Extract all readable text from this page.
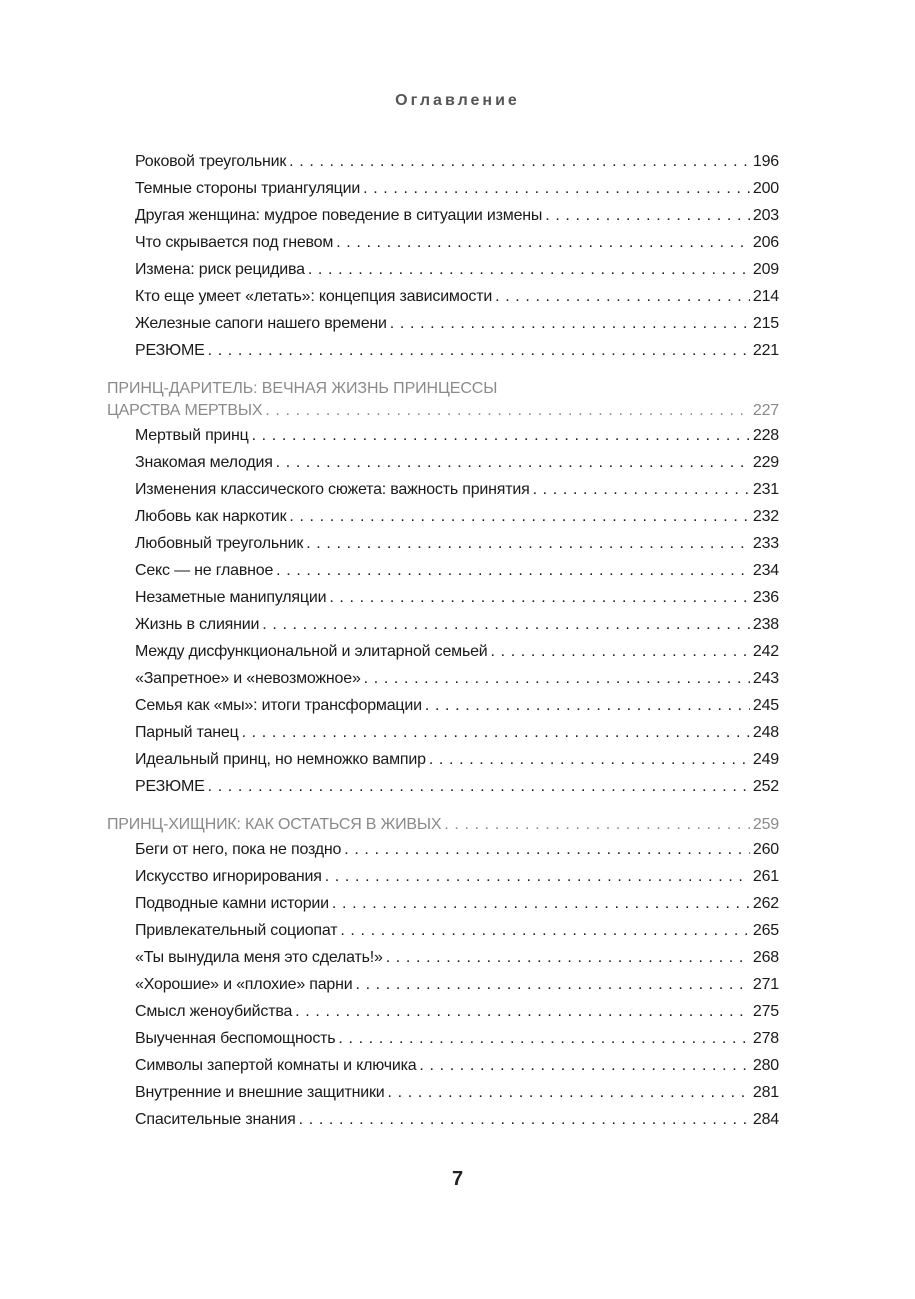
Оглавление
Роковой треугольник . . .	196
Темные стороны триангуляции . . .	200
Другая женщина: мудрое поведение в ситуации измены . . .	203
Что скрывается под гневом . . .	206
Измена: риск рецидива . . .	209
Кто еще умеет «летать»: концепция зависимости . . .	214
Железные сапоги нашего времени . . .	215
РЕЗЮМЕ . . .	221
ПРИНЦ-ДАРИТЕЛЬ: ВЕЧНАЯ ЖИЗНЬ ПРИНЦЕССЫ
ЦАРСТВА МЕРТВЫХ . . .	227
Мертвый принц . . .	228
Знакомая мелодия . . .	229
Изменения классического сюжета: важность принятия . . .	231
Любовь как наркотик . . .	232
Любовный треугольник . . .	233
Секс — не главное . . .	234
Незаметные манипуляции . . .	236
Жизнь в слиянии . . .	238
Между дисфункциональной и элитарной семьей . . .	242
«Запретное» и «невозможное» . . .	243
Семья как «мы»: итоги трансформации . . .	245
Парный танец . . .	248
Идеальный принц, но немножко вампир . . .	249
РЕЗЮМЕ . . .	252
ПРИНЦ-ХИЩНИК: КАК ОСТАТЬСЯ В ЖИВЫХ . . .	259
Беги от него, пока не поздно . . .	260
Искусство игнорирования . . .	261
Подводные камни истории . . .	262
Привлекательный социопат . . .	265
«Ты вынудила меня это сделать!» . . .	268
«Хорошие» и «плохие» парни . . .	271
Смысл женоубийства . . .	275
Выученная беспомощность . . .	278
Символы запертой комнаты и ключика . . .	280
Внутренние и внешние защитники . . .	281
Спасительные знания . . .	284
7
